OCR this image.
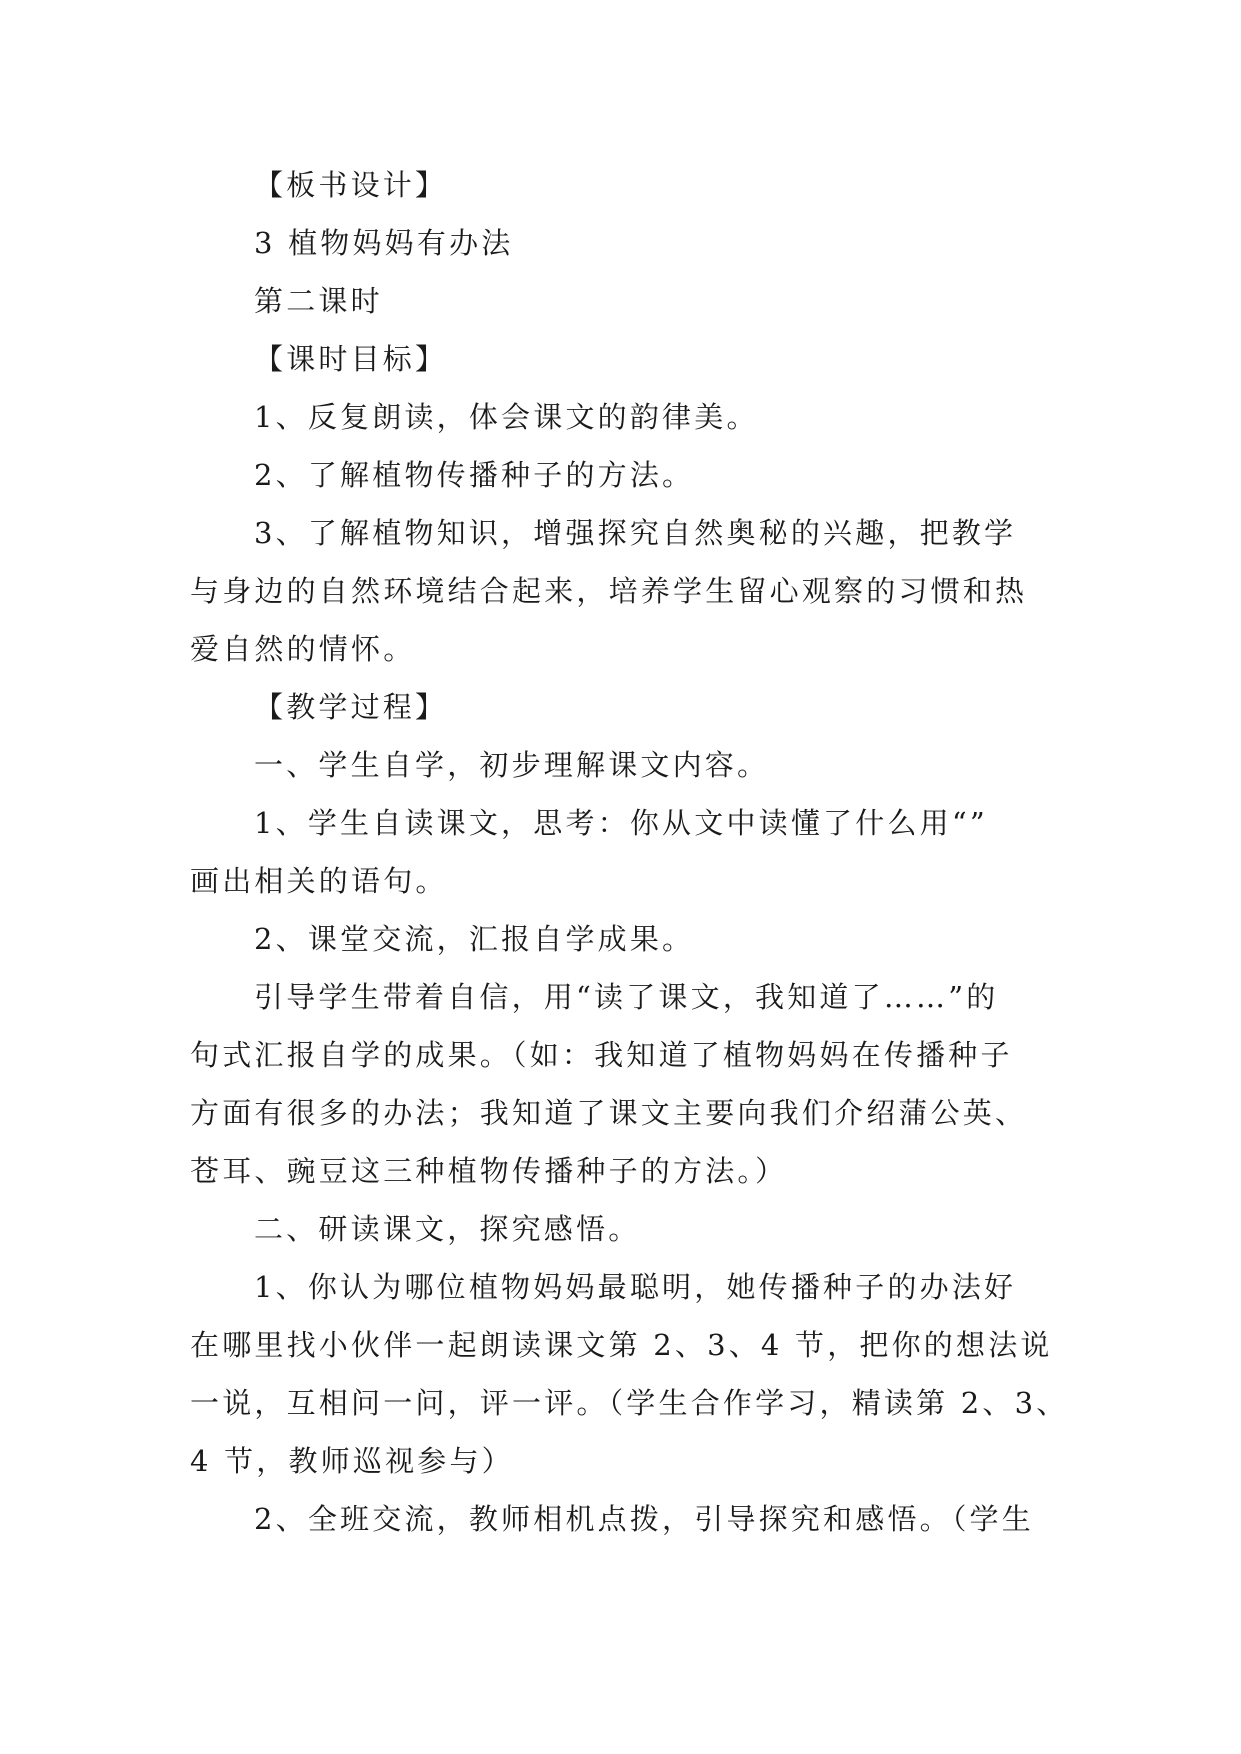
【板书设计】
3 植物妈妈有办法
第二课时
【课时目标】
1、反复朗读，体会课文的韵律美。
2、了解植物传播种子的方法。
3、了解植物知识，增强探究自然奥秘的兴趣，把教学
与身边的自然环境结合起来，培养学生留心观察的习惯和热
爱自然的情怀。
【教学过程】
一、学生自学，初步理解课文内容。
1、学生自读课文，思考：你从文中读懂了什么用“”
画出相关的语句。
2、课堂交流，汇报自学成果。
引导学生带着自信，用“读了课文，我知道了……”的
句式汇报自学的成果。（如：我知道了植物妈妈在传播种子
方面有很多的办法；我知道了课文主要向我们介绍蒲公英、
苍耳、豌豆这三种植物传播种子的方法。）
二、研读课文，探究感悟。
1、你认为哪位植物妈妈最聪明，她传播种子的办法好
在哪里找小伙伴一起朗读课文第 2、3、4 节，把你的想法说
一说，互相问一问，评一评。（学生合作学习，精读第 2、3、
4 节，教师巡视参与）
2、全班交流，教师相机点拨，引导探究和感悟。（学生
